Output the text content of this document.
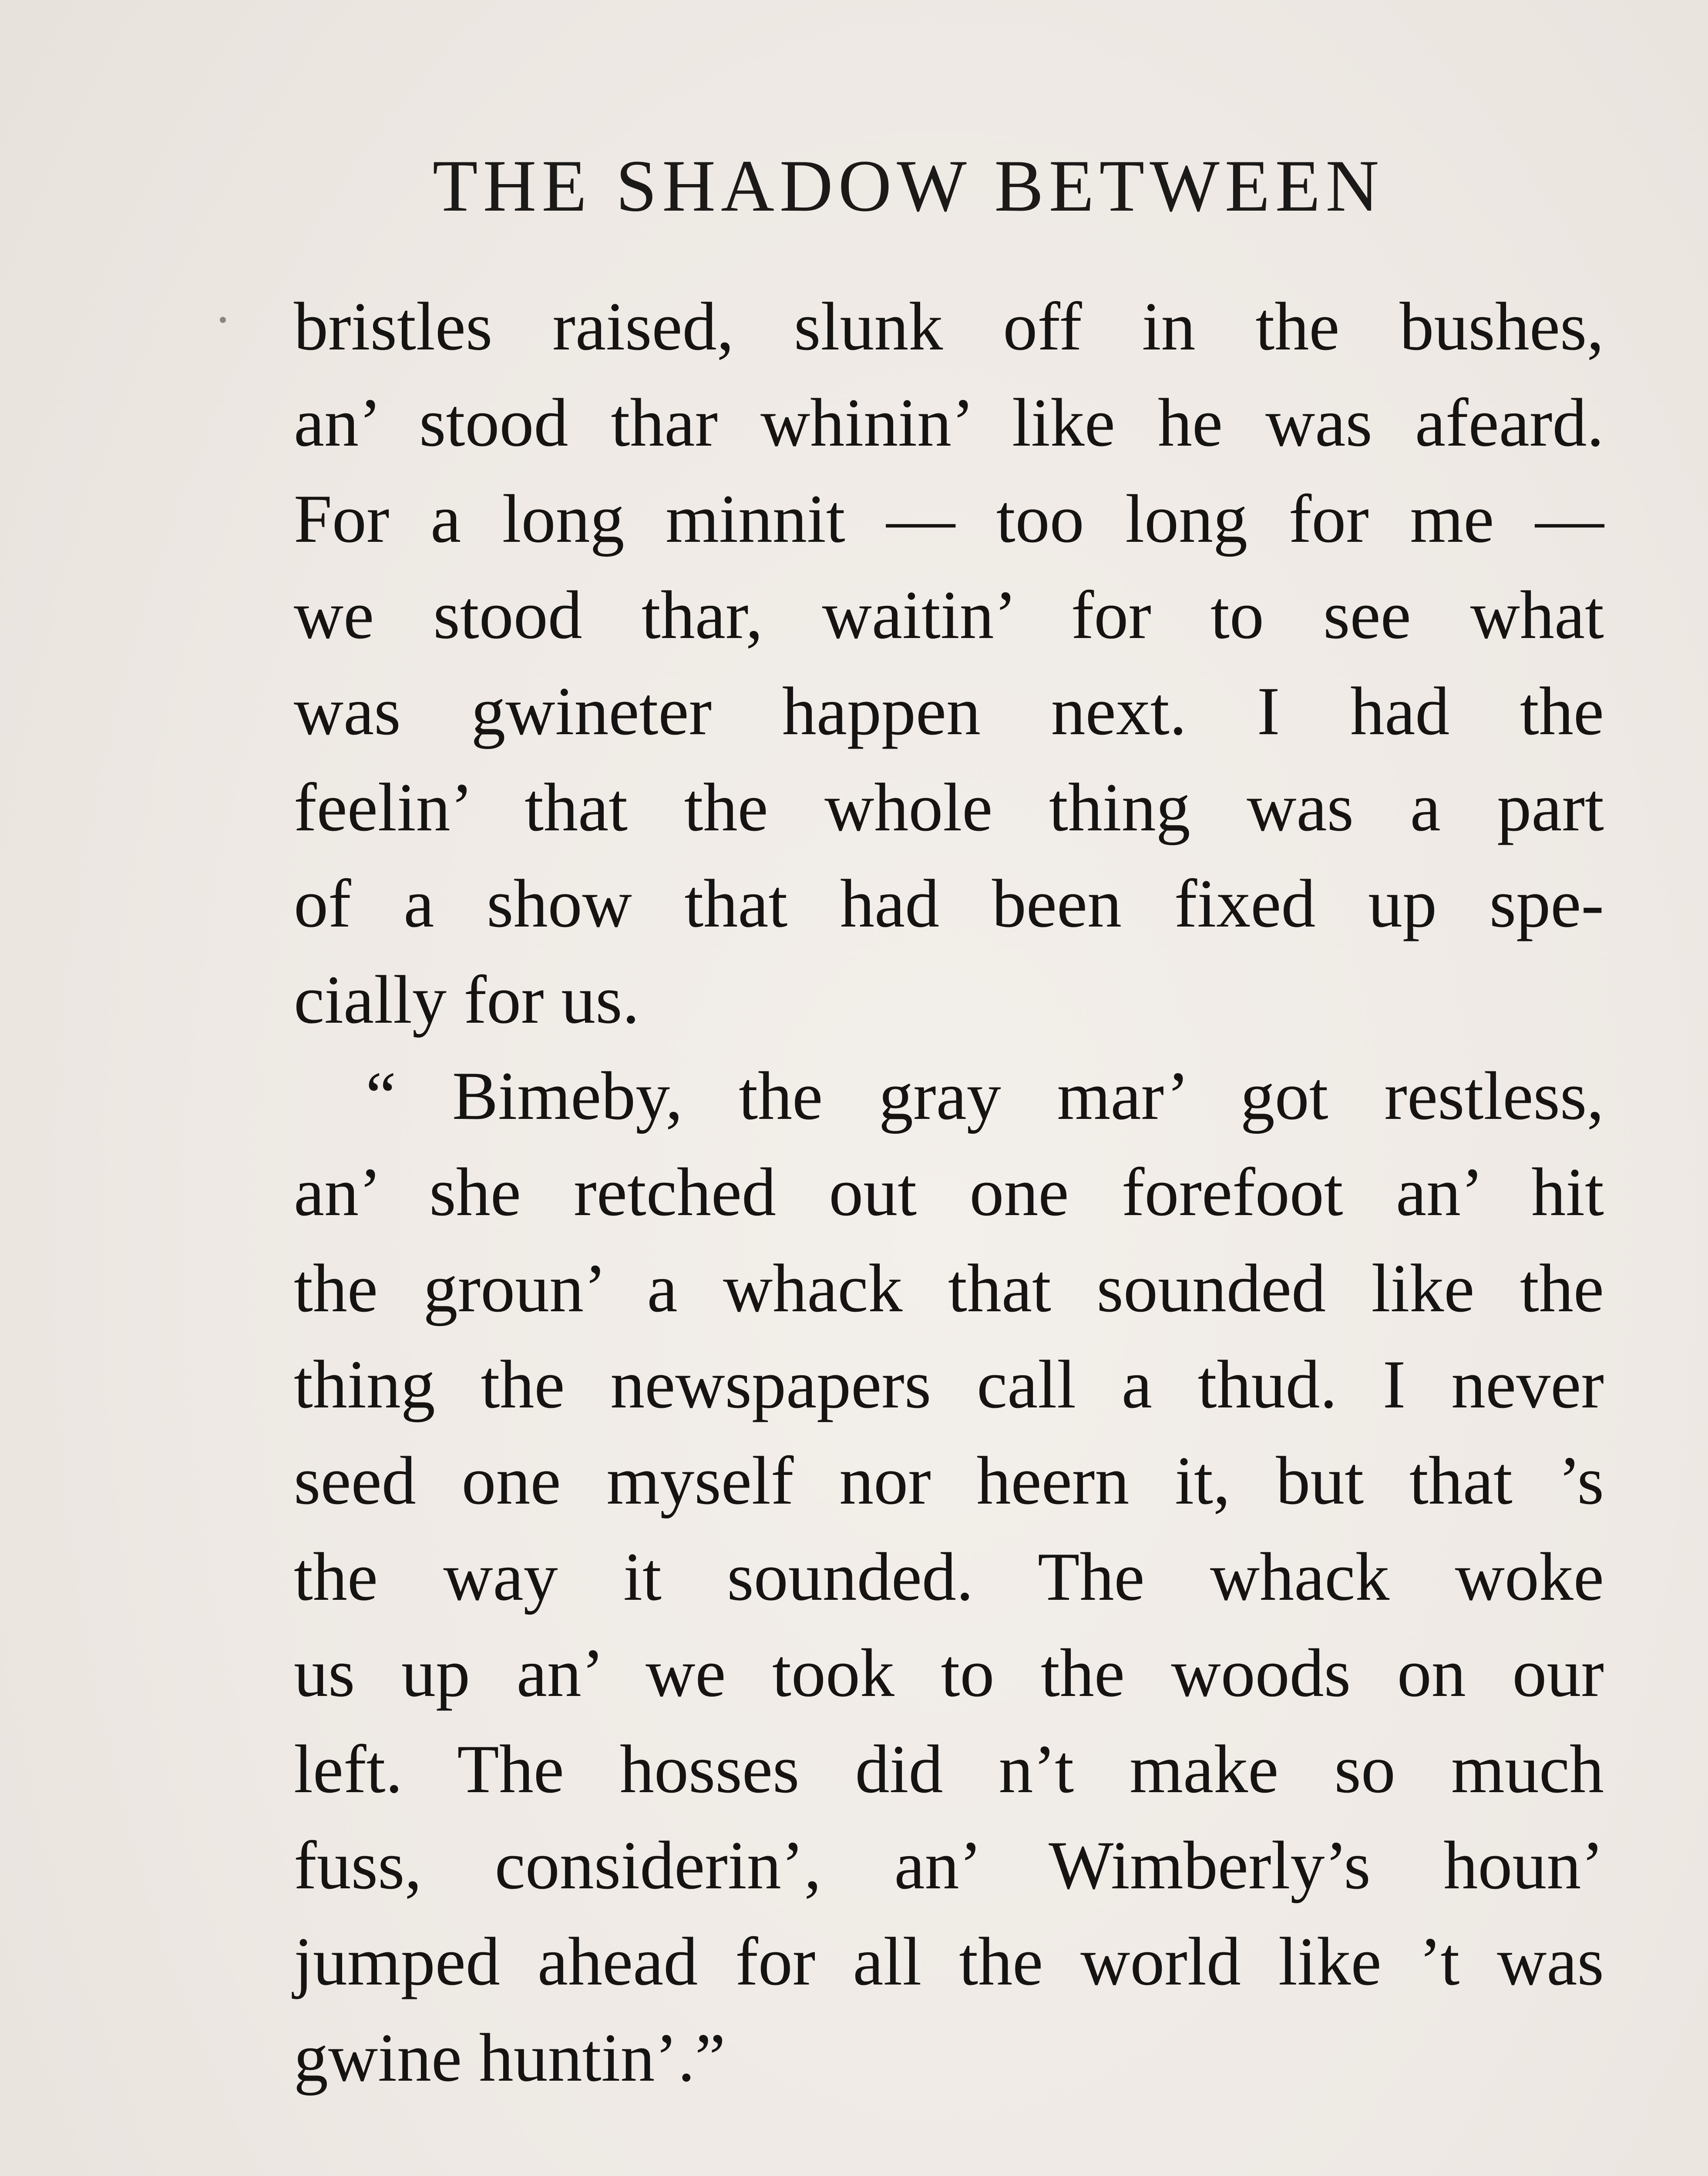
THE SHADOW BETWEEN
bristles raised, slunk off in the bushes,
an’ stood thar whinin’ like he was afeard.
For a long minnit — too long for me —
we stood thar, waitin’ for to see what
was gwineter happen next. I had the
feelin’ that the whole thing was a part
of a show that had been fixed up spe-
cially for us.
“ Bimeby, the gray mar’ got restless,
an’ she retched out one forefoot an’ hit
the groun’ a whack that sounded like the
thing the newspapers call a thud. I never
seed one myself nor heern it, but that ’s
the way it sounded. The whack woke
us up an’ we took to the woods on our
left. The hosses did n’t make so much
fuss, considerin’, an’ Wimberly’s houn’
jumped ahead for all the world like ’t was
gwine huntin’.”
